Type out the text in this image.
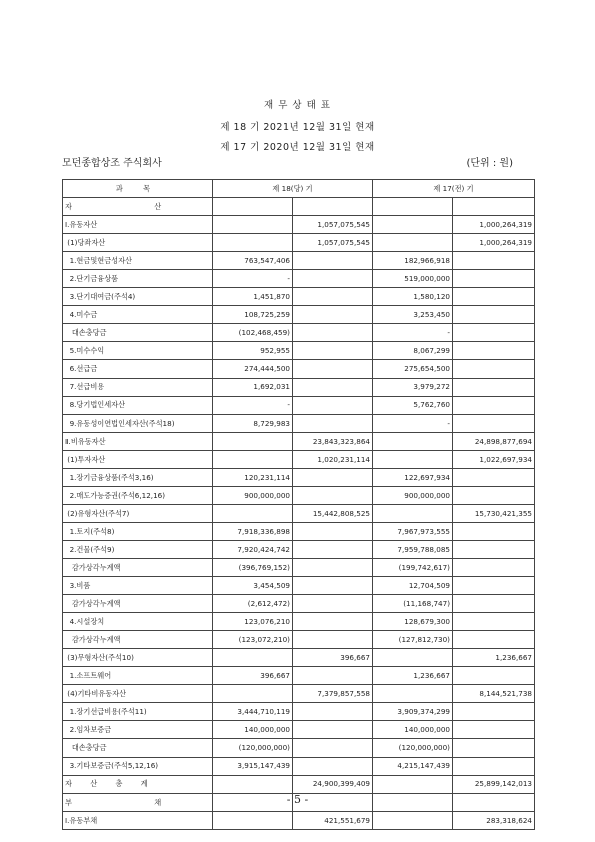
재 무 상 태 표
제 18 기 2021년 12월 31일 현재
제 17 기 2020년 12월 31일 현재
모던종합상조 주식회사	(단위 : 원)
과 목	제 18(당) 기		제 17(전) 기	
자 산				
Ⅰ.유동자산		1,057,075,545		1,000,264,319
(1)당좌자산		1,057,075,545		1,000,264,319
1.현금및현금성자산	763,547,406		182,966,918	
2.단기금융상품	-		519,000,000	
3.단기대여금(주석4)	1,451,870		1,580,120	
4.미수금	108,725,259		3,253,450	
대손충당금	(102,468,459)		-	
5.미수수익	952,955		8,067,299	
6.선급금	274,444,500		275,654,500	
7.선급비용	1,692,031		3,979,272	
8.당기법인세자산	-		5,762,760	
9.유동성이연법인세자산(주석18)	8,729,983		-	
Ⅱ.비유동자산		23,843,323,864		24,898,877,694
(1)투자자산		1,020,231,114		1,022,697,934
1.장기금융상품(주석3,16)	120,231,114		122,697,934	
2.매도가능증권(주석6,12,16)	900,000,000		900,000,000	
(2)유형자산(주석7)		15,442,808,525		15,730,421,355
1.토지(주석8)	7,918,336,898		7,967,973,555	
2.건물(주석9)	7,920,424,742		7,959,788,085	
감가상각누계액	(396,769,152)		(199,742,617)	
3.비품	3,454,509		12,704,509	
감가상각누계액	(2,612,472)		(11,168,747)	
4.시설장치	123,076,210		128,679,300	
감가상각누계액	(123,072,210)		(127,812,730)	
(3)무형자산(주석10)		396,667		1,236,667
1.소프트웨어	396,667		1,236,667	
(4)기타비유동자산		7,379,857,558		8,144,521,738
1.장기선급비용(주석11)	3,444,710,119		3,909,374,299	
2.임차보증금	140,000,000		140,000,000	
대손충당금	(120,000,000)		(120,000,000)	
3.기타보증금(주석5,12,16)	3,915,147,439		4,215,147,439	
자 산 총 계		24,900,399,409		25,899,142,013
부 채				
Ⅰ.유동부채		421,551,679		283,318,624
- 5 -
